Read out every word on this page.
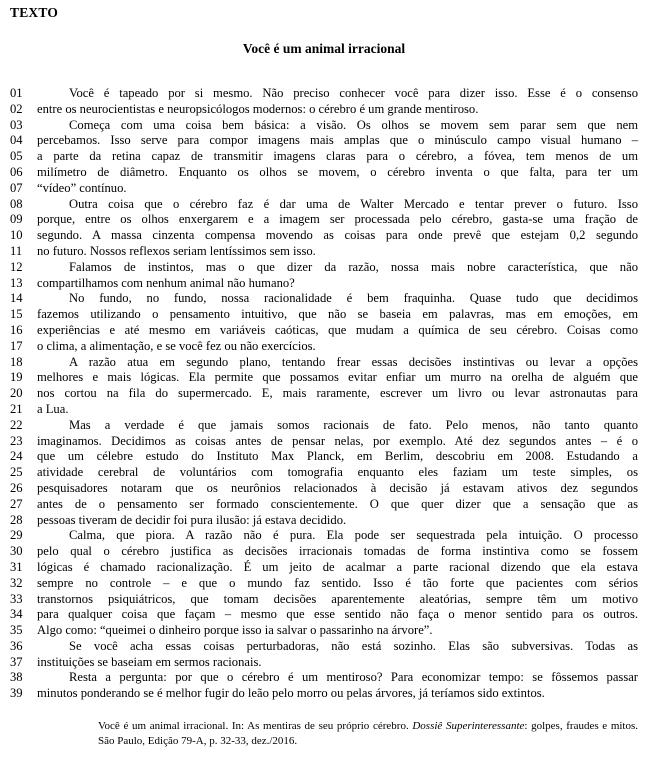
TEXTO
Você é um animal irracional
01	Você é tapeado por si mesmo. Não preciso conhecer você para dizer isso. Esse é o consenso
02	entre os neurocientistas e neuropsicólogos modernos: o cérebro é um grande mentiroso.
03	Começa com uma coisa bem básica: a visão. Os olhos se movem sem parar sem que nem
04	percebamos. Isso serve para compor imagens mais amplas que o minúsculo campo visual humano –
05	a parte da retina capaz de transmitir imagens claras para o cérebro, a fóvea, tem menos de um
06	milímetro de diâmetro. Enquanto os olhos se movem, o cérebro inventa o que falta, para ter um
07	“vídeo” contínuo.
08	Outra coisa que o cérebro faz é dar uma de Walter Mercado e tentar prever o futuro. Isso
09	porque, entre os olhos enxergarem e a imagem ser processada pelo cérebro, gasta-se uma fração de
10	segundo. A massa cinzenta compensa movendo as coisas para onde prevê que estejam 0,2 segundo
11	no futuro. Nossos reflexos seriam lentíssimos sem isso.
12	Falamos de instintos, mas o que dizer da razão, nossa mais nobre característica, que não
13	compartilhamos com nenhum animal não humano?
14	No fundo, no fundo, nossa racionalidade é bem fraquinha. Quase tudo que decidimos
15	fazemos utilizando o pensamento intuitivo, que não se baseia em palavras, mas em emoções, em
16	experiências e até mesmo em variáveis caóticas, que mudam a química de seu cérebro. Coisas como
17	o clima, a alimentação, e se você fez ou não exercícios.
18	A razão atua em segundo plano, tentando frear essas decisões instintivas ou levar a opções
19	melhores e mais lógicas. Ela permite que possamos evitar enfiar um murro na orelha de alguém que
20	nos cortou na fila do supermercado. E, mais raramente, escrever um livro ou levar astronautas para
21	a Lua.
22	Mas a verdade é que jamais somos racionais de fato. Pelo menos, não tanto quanto
23	imaginamos. Decidimos as coisas antes de pensar nelas, por exemplo. Até dez segundos antes – é o
24	que um célebre estudo do Instituto Max Planck, em Berlim, descobriu em 2008. Estudando a
25	atividade cerebral de voluntários com tomografia enquanto eles faziam um teste simples, os
26	pesquisadores notaram que os neurônios relacionados à decisão já estavam ativos dez segundos
27	antes de o pensamento ser formado conscientemente. O que quer dizer que a sensação que as
28	pessoas tiveram de decidir foi pura ilusão: já estava decidido.
29	Calma, que piora. A razão não é pura. Ela pode ser sequestrada pela intuição. O processo
30	pelo qual o cérebro justifica as decisões irracionais tomadas de forma instintiva como se fossem
31	lógicas é chamado racionalização. É um jeito de acalmar a parte racional dizendo que ela estava
32	sempre no controle – e que o mundo faz sentido. Isso é tão forte que pacientes com sérios
33	transtornos psiquiátricos, que tomam decisões aparentemente aleatórias, sempre têm um motivo
34	para qualquer coisa que façam – mesmo que esse sentido não faça o menor sentido para os outros.
35	Algo como: “queimei o dinheiro porque isso ia salvar o passarinho na árvore”.
36	Se você acha essas coisas perturbadoras, não está sozinho. Elas são subversivas. Todas as
37	instituições se baseiam em sermos racionais.
38	Resta a pergunta: por que o cérebro é um mentiroso? Para economizar tempo: se fôssemos passar
39	minutos ponderando se é melhor fugir do leão pelo morro ou pelas árvores, já teríamos sido extintos.
Você é um animal irracional. In: As mentiras de seu próprio cérebro. Dossiê Superinteressante: golpes, fraudes e mitos. São Paulo, Edição 79-A, p. 32-33, dez./2016.
